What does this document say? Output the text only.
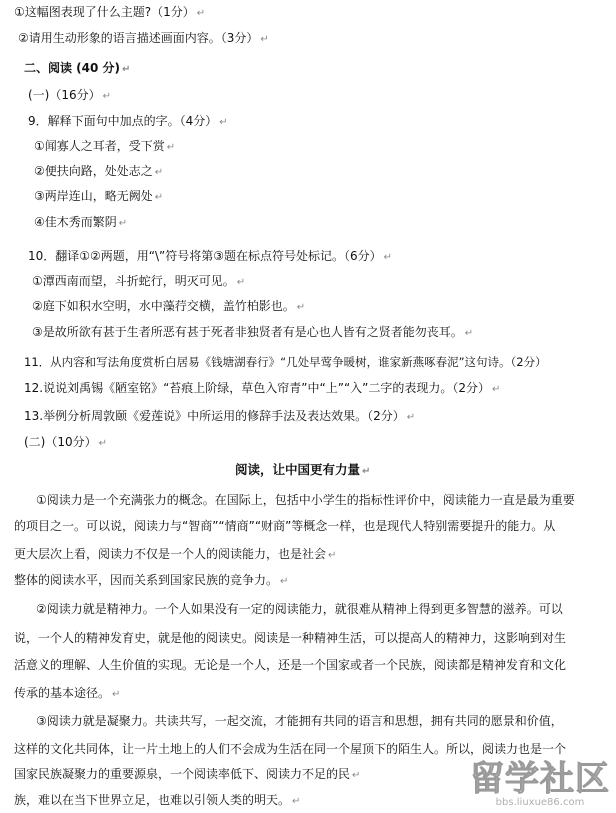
①这幅图表现了什么主题?（1分） ↵
②请用生动形象的语言描述画面内容。（3分） ↵
二、阅读 (40 分) ↵
(一)（16分） ↵
9．解释下面句中加点的字。（4分） ↵
①闻寡人之耳者，受下赏 ↵
②便扶向路，处处志之 ↵
③两岸连山，略无阙处 ↵
④佳木秀而繁阴 ↵
10．翻译①②两题，用“\”符号将第③题在标点符号处标记。（6分） ↵
①潭西南而望，斗折蛇行，明灭可见。 ↵
②庭下如积水空明，水中藻荇交横，盖竹柏影也。 ↵
③是故所欲有甚于生者所恶有甚于死者非独贤者有是心也人皆有之贤者能勿丧耳。 ↵
11．从内容和写法角度赏析白居易《钱塘湖春行》“几处早莺争暖树，谁家新燕啄春泥”这句诗。（2分）
12.说说刘禹锡《陋室铭》“苔痕上阶绿，草色入帘青”中“上”“入”二字的表现力。（2分） ↵
13.举例分析周敦颐《爱莲说》中所运用的修辞手法及表达效果。（2分） ↵
(二)（10分） ↵
阅读，让中国更有力量 ↵
①阅读力是一个充满张力的概念。在国际上，包括中小学生的指标性评价中，阅读能力一直是最为重要
的项目之一。可以说，阅读力与“智商”“情商”“财商”等概念一样，也是现代人特别需要提升的能力。从
更大层次上看，阅读力不仅是一个人的阅读能力，也是社会 ↵
整体的阅读水平，因而关系到国家民族的竞争力。 ↵
②阅读力就是精神力。一个人如果没有一定的阅读能力，就很难从精神上得到更多智慧的滋养。可以
说，一个人的精神发育史，就是他的阅读史。阅读是一种精神生活，可以提高人的精神力，这影响到对生
活意义的理解、人生价值的实现。无论是一个人，还是一个国家或者一个民族，阅读都是精神发育和文化
传承的基本途径。 ↵
③阅读力就是凝聚力。共读共写，一起交流，才能拥有共同的语言和思想，拥有共同的愿景和价值，
这样的文化共同体，让一片土地上的人们不会成为生活在同一个屋顶下的陌生人。所以，阅读力也是一个
国家民族凝聚力的重要源泉，一个阅读率低下、阅读力不足的民 ↵
族，难以在当下世界立足，也难以引领人类的明天。 ↵
留学社区
bbs.liuxue86.com
